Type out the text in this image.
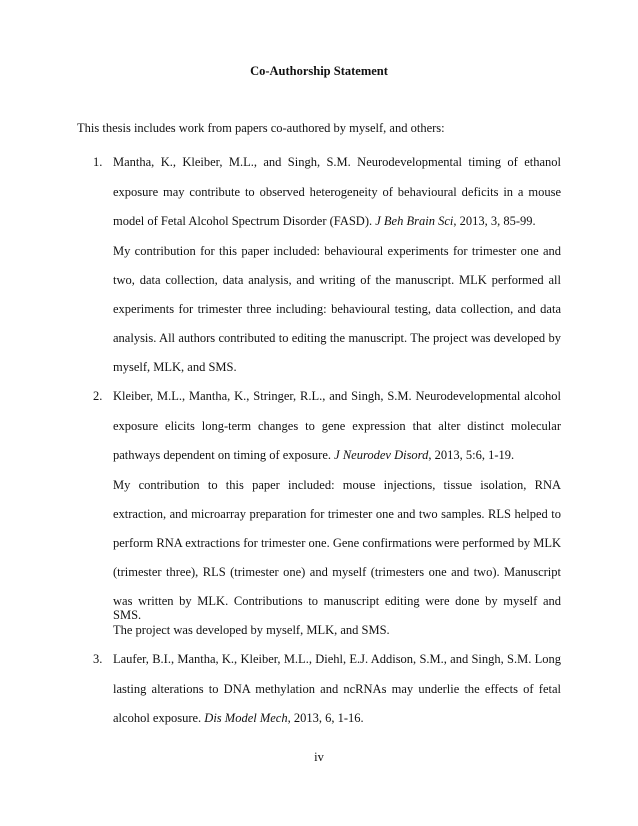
Co-Authorship Statement
This thesis includes work from papers co-authored by myself, and others:
1. Mantha, K., Kleiber, M.L., and Singh, S.M. Neurodevelopmental timing of ethanol
exposure may contribute to observed heterogeneity of behavioural deficits in a mouse
model of Fetal Alcohol Spectrum Disorder (FASD). J Beh Brain Sci, 2013, 3, 85-99.
My contribution for this paper included: behavioural experiments for trimester one and
two, data collection, data analysis, and writing of the manuscript. MLK performed all
experiments for trimester three including: behavioural testing, data collection, and data
analysis. All authors contributed to editing the manuscript. The project was developed by
myself, MLK, and SMS.
2. Kleiber, M.L., Mantha, K., Stringer, R.L., and Singh, S.M. Neurodevelopmental alcohol
exposure elicits long-term changes to gene expression that alter distinct molecular
pathways dependent on timing of exposure. J Neurodev Disord, 2013, 5:6, 1-19.
My contribution to this paper included: mouse injections, tissue isolation, RNA
extraction, and microarray preparation for trimester one and two samples. RLS helped to
perform RNA extractions for trimester one. Gene confirmations were performed by MLK
(trimester three), RLS (trimester one) and myself (trimesters one and two). Manuscript
was written by MLK. Contributions to manuscript editing were done by myself and SMS.
The project was developed by myself, MLK, and SMS.
3. Laufer, B.I., Mantha, K., Kleiber, M.L., Diehl, E.J. Addison, S.M., and Singh, S.M. Long
lasting alterations to DNA methylation and ncRNAs may underlie the effects of fetal
alcohol exposure. Dis Model Mech, 2013, 6, 1-16.
iv
